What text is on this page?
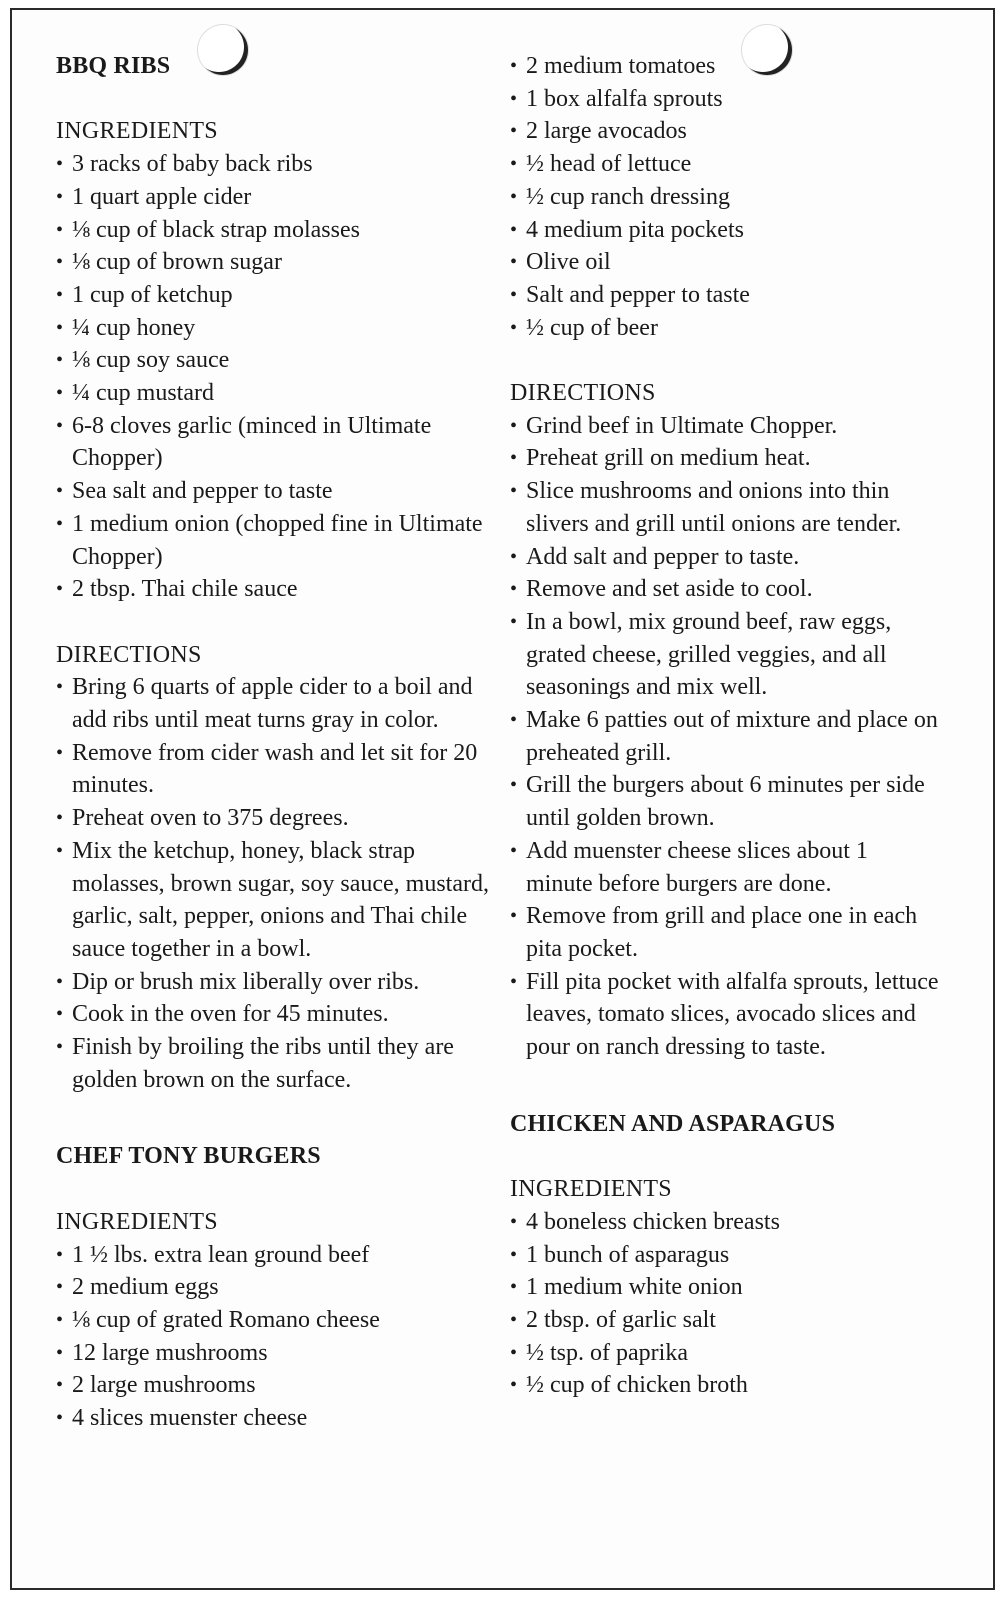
BBQ RIBS
INGREDIENTS
• 3 racks of baby back ribs
• 1 quart apple cider
• ⅛ cup of black strap molasses
• ⅛ cup of brown sugar
• 1 cup of ketchup
• ¼ cup honey
• ⅛ cup soy sauce
• ¼ cup mustard
• 6-8 cloves garlic (minced in Ultimate Chopper)
• Sea salt and pepper to taste
• 1 medium onion (chopped fine in Ultimate Chopper)
• 2 tbsp. Thai chile sauce
DIRECTIONS
• Bring 6 quarts of apple cider to a boil and add ribs until meat turns gray in color.
• Remove from cider wash and let sit for 20 minutes.
• Preheat oven to 375 degrees.
• Mix the ketchup, honey, black strap molasses, brown sugar, soy sauce, mustard, garlic, salt, pepper, onions and Thai chile sauce together in a bowl.
• Dip or brush mix liberally over ribs.
• Cook in the oven for 45 minutes.
• Finish by broiling the ribs until they are golden brown on the surface.
CHEF TONY BURGERS
INGREDIENTS
• 1 ½ lbs. extra lean ground beef
• 2 medium eggs
• ⅛ cup of grated Romano cheese
• 12 large mushrooms
• 2 large mushrooms
• 4 slices muenster cheese
• 2 medium tomatoes
• 1 box alfalfa sprouts
• 2 large avocados
• ½ head of lettuce
• ½ cup ranch dressing
• 4 medium pita pockets
• Olive oil
• Salt and pepper to taste
• ½ cup of beer
DIRECTIONS
• Grind beef in Ultimate Chopper.
• Preheat grill on medium heat.
• Slice mushrooms and onions into thin slivers and grill until onions are tender.
• Add salt and pepper to taste.
• Remove and set aside to cool.
• In a bowl, mix ground beef, raw eggs, grated cheese, grilled veggies, and all seasonings and mix well.
• Make 6 patties out of mixture and place on preheated grill.
• Grill the burgers about 6 minutes per side until golden brown.
• Add muenster cheese slices about 1 minute before burgers are done.
• Remove from grill and place one in each pita pocket.
• Fill pita pocket with alfalfa sprouts, lettuce leaves, tomato slices, avocado slices and pour on ranch dressing to taste.
CHICKEN AND ASPARAGUS
INGREDIENTS
• 4 boneless chicken breasts
• 1 bunch of asparagus
• 1 medium white onion
• 2 tbsp. of garlic salt
• ½ tsp. of paprika
• ½ cup of chicken broth
